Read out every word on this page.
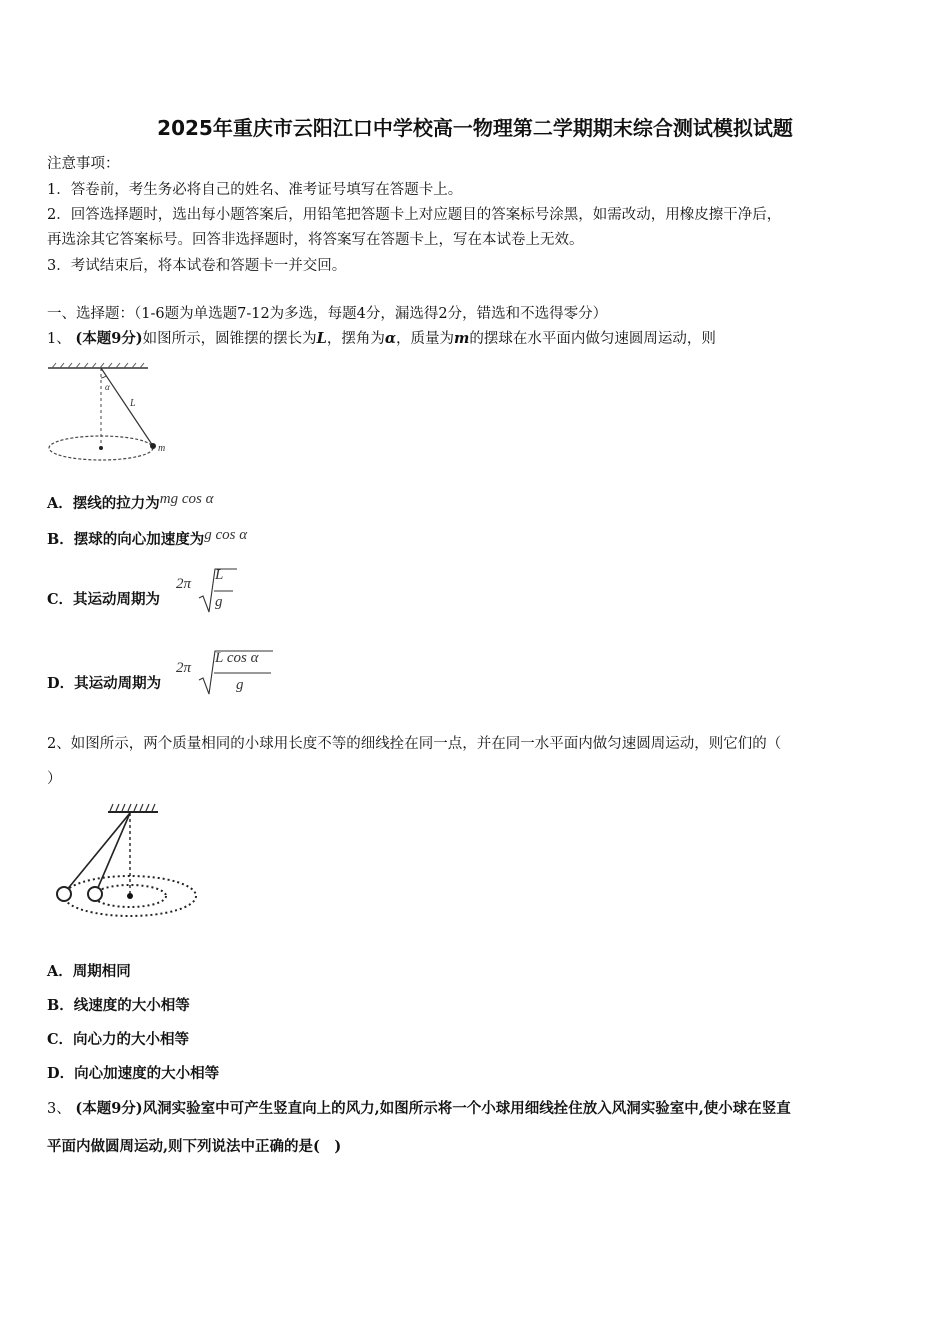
2025年重庆市云阳江口中学校高一物理第二学期期末综合测试模拟试题
注意事项：
1．答卷前，考生务必将自己的姓名、准考证号填写在答题卡上。
2．回答选择题时，选出每小题答案后，用铅笔把答题卡上对应题目的答案标号涂黑，如需改动，用橡皮擦干净后，
再选涂其它答案标号。回答非选择题时，将答案写在答题卡上，写在本试卷上无效。
3．考试结束后，将本试卷和答题卡一并交回。
一、选择题：（1-6题为单选题7-12为多选，每题4分，漏选得2分，错选和不选得零分）
1、 (本题9分)如图所示，圆锥摆的摆长为L，摆角为α，质量为m的摆球在水平面内做匀速圆周运动，则
α
L
m
A．摆线的拉力为mg cos α
B．摆球的向心加速度为g cos α
C．其运动周期为
2π
L
g
D．其运动周期为
2π
L cos α
g
2、如图所示，两个质量相同的小球用长度不等的细线拴在同一点，并在同一水平面内做匀速圆周运动，则它们的（
）
A．周期相同
B．线速度的大小相等
C．向心力的大小相等
D．向心加速度的大小相等
3、 (本题9分)风洞实验室中可产生竖直向上的风力,如图所示将一个小球用细线拴住放入风洞实验室中,使小球在竖直
平面内做圆周运动,则下列说法中正确的是(　)
